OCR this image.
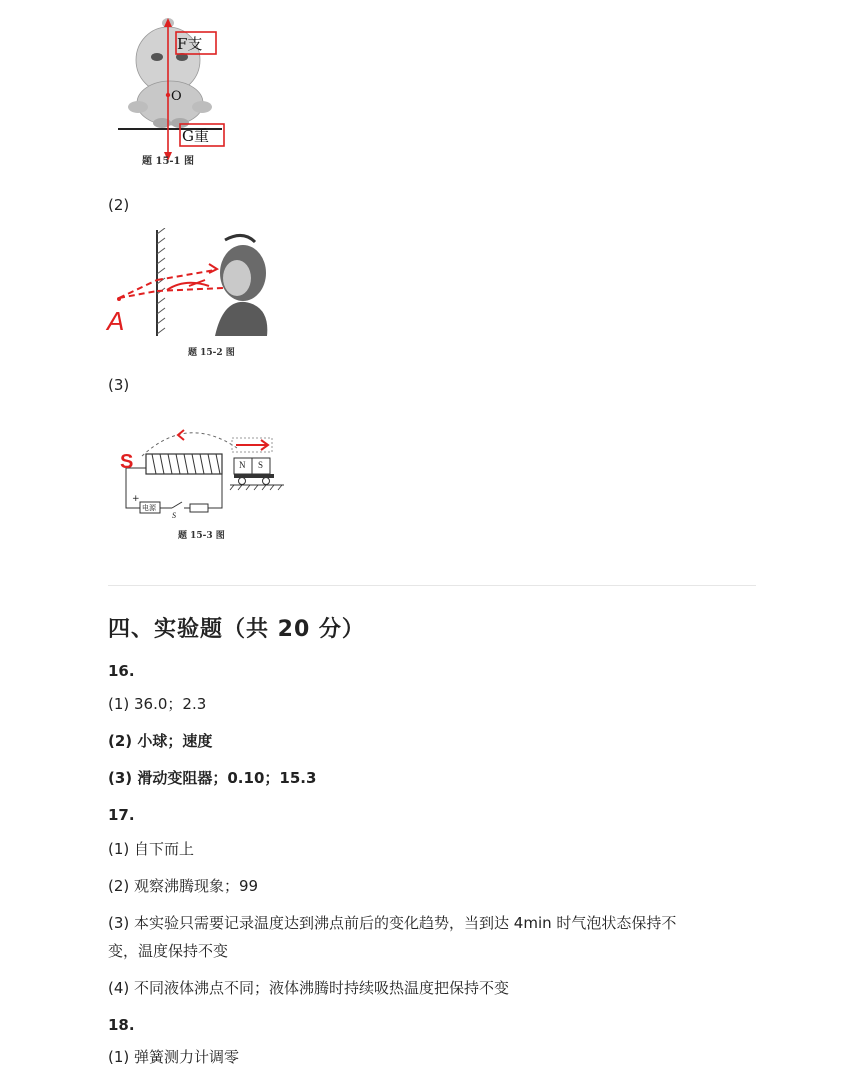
F支
O
G重
题 15-1 图
(2)
A
题 15-2 图
(3)
S	N S
+
电源
S
题 15-3 图
四、实验题（共 20 分）
16.
(1) 36.0；2.3
(2) 小球；速度
(3) 滑动变阻器；0.10；15.3
17.
(1) 自下而上
(2) 观察沸腾现象；99
(3) 本实验只需要记录温度达到沸点前后的变化趋势，当到达 4min 时气泡状态保持不
变，温度保持不变
(4) 不同液体沸点不同；液体沸腾时持续吸热温度把保持不变
18.
(1) 弹簧测力计调零
